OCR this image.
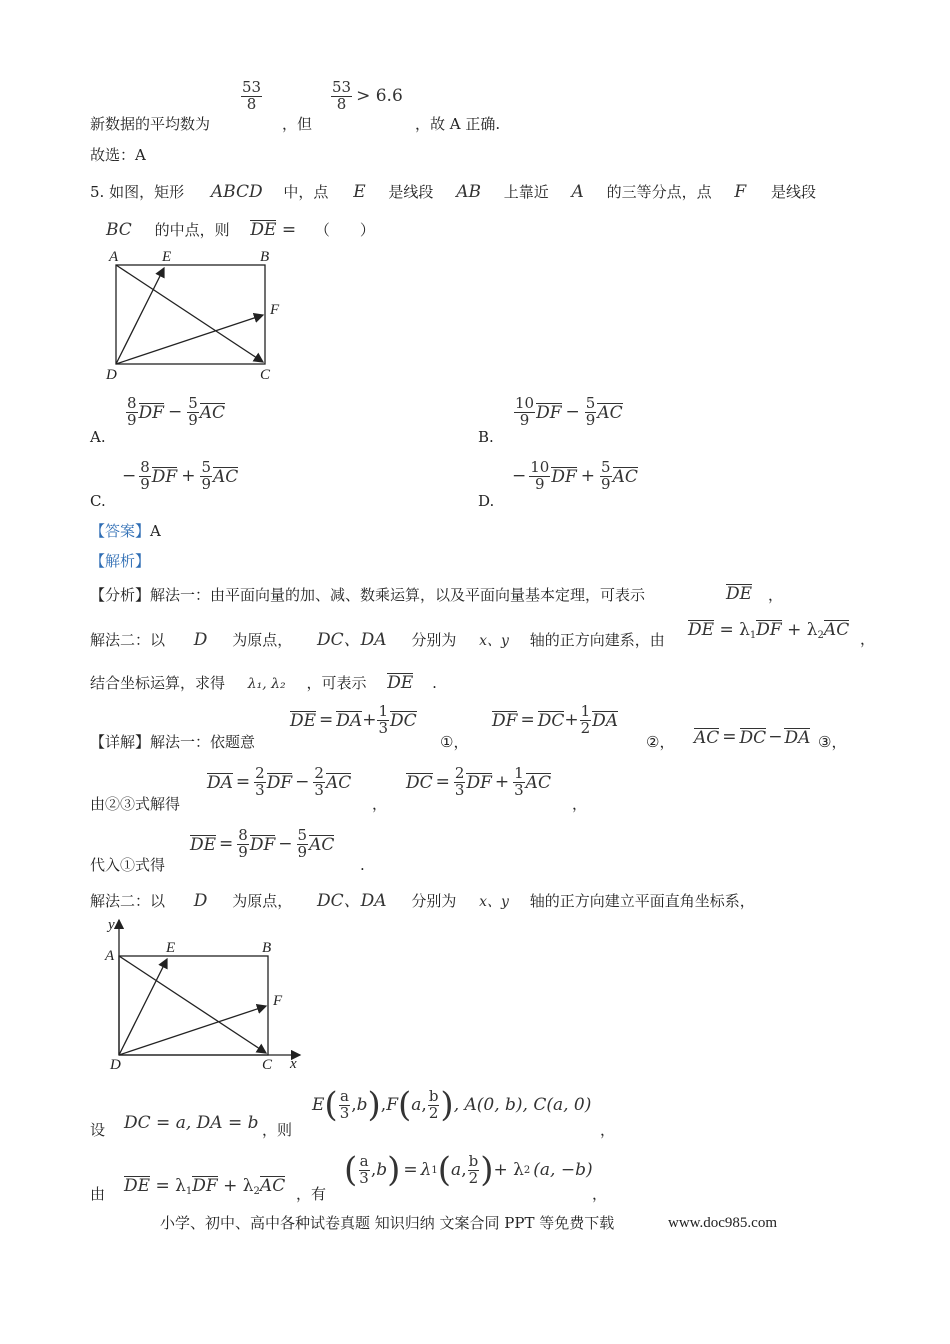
新数据的平均数为
53
8
，但
53
8 > 6.6
，故 A 正确.
故选：A
5. 如图，矩形 ABCD 中，点 E 是线段 AB 上靠近 A 的三等分点，点 F 是线段
BC 的中点，则 DE = （　　）
A	E	B
F
D	C
A.
8
9 DF − $\frac{5}{9}$ AC
B.
10
9 DF − $\frac{5}{9}$ AC
C.
− $\frac{8}{9}$ DF + $\frac{5}{9}$ AC
D.
− $\frac{10}{9}$ DF + $\frac{5}{9}$ AC
【答案】A
【解析】
【分析】解法一：由平面向量的加、减、数乘运算，以及平面向量基本定理，可表示	DE ，
解法二：以 D 为原点， DC、DA 分别为 x、y 轴的正方向建系，由 DE = $\lambda_1DF + \lambda_2AC$ ，
结合坐标运算，求得 λ₁, λ₂ ，可表示 DE .
【详解】解法一：依题意
DE = DA + $\frac{1}{3}$ DC
①，
DF = DC + $\frac{1}{2}$ DA
②， AC = DC − DA ③，
由②③式解得
DA = $\frac{2}{3}$ DF − $\frac{2}{3}$ AC
，
DC = $\frac{2}{3}$ DF + $\frac{1}{3}$ AC
，
代入①式得
DE = $\frac{8}{9}$ DF − $\frac{5}{9}$ AC
.
解法二：以 D 为原点， DC、DA 分别为 x、y 轴的正方向建立平面直角坐标系，
y
A	E	B
F
D	C x
设 DC = a, DA = b ，则
E ( a
3 , b ) , F ( a , b
2 ) , A(0, b), C(a, 0)
，
由 DE = $\lambda_1DF + \lambda_2AC$ ，有
( a
3 , b ) = λ 1 ( a , b
2 ) + λ 2 (a, −b)
，
小学、初中、高中各种试卷真题 知识归纳 文案合同 PPT 等免费下载	www.doc985.com
